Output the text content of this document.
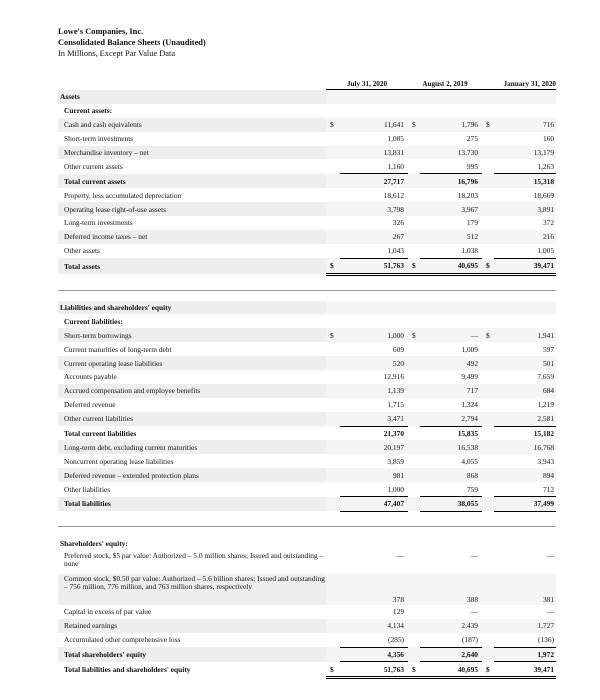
Lowe's Companies, Inc.
Consolidated Balance Sheets (Unaudited)
In Millions, Except Par Value Data
	July 31, 2020		August 2, 2019		January 31, 2020	
Assets						
Current assets:						
Cash and cash equivalents	$	11,641	$	1,796	$	716
Short-term investments		1,085		275		160
Merchandise inventory – net		13,831		13,730		13,179
Other current assets		1,160		995		1,263
Total current assets		27,717		16,796		15,318
Property, less accumulated depreciation		18,612		18,203		18,669
Operating lease right-of-use assets		3,798		3,967		3,891
Long-term investments		326		179		372
Deferred income taxes – net		267		512		216
Other assets		1,043		1,038		1,005
Total assets	$	51,763	$	40,695	$	39,471

Liabilities and shareholders' equity						
Current liabilities:						
Short-term borrowings	$	1,000	$	—	$	1,941
Current maturities of long-term debt		609		1,009		597
Current operating lease liabilities		520		492		501
Accounts payable		12,916		9,499		7,659
Accrued compensation and employee benefits		1,139		717		684
Deferred revenue		1,715		1,324		1,219
Other current liabilities		3,471		2,794		2,581
Total current liabilities		21,370		15,835		15,182
Long-term debt, excluding current maturities		20,197		16,538		16,768
Noncurrent operating lease liabilities		3,859		4,055		3,943
Deferred revenue – extended protection plans		981		868		894
Other liabilities		1,000		759		712
Total liabilities		47,407		38,055		37,499

Shareholders' equity:						
Preferred stock, $5 par value: Authorized – 5.0 million shares; Issued and outstanding – none		—		—		—
Common stock, $0.50 par value: Authorized – 5.6 billion shares; Issued and outstanding – 756 million, 776 million, and 763 million shares, respectively		378		388		381
Capital in excess of par value		129		—		—
Retained earnings		4,134		2,439		1,727
Accumulated other comprehensive loss		(285)		(187)		(136)
Total shareholders' equity		4,356		2,640		1,972
Total liabilities and shareholders' equity	$	51,763	$	40,695	$	39,471
